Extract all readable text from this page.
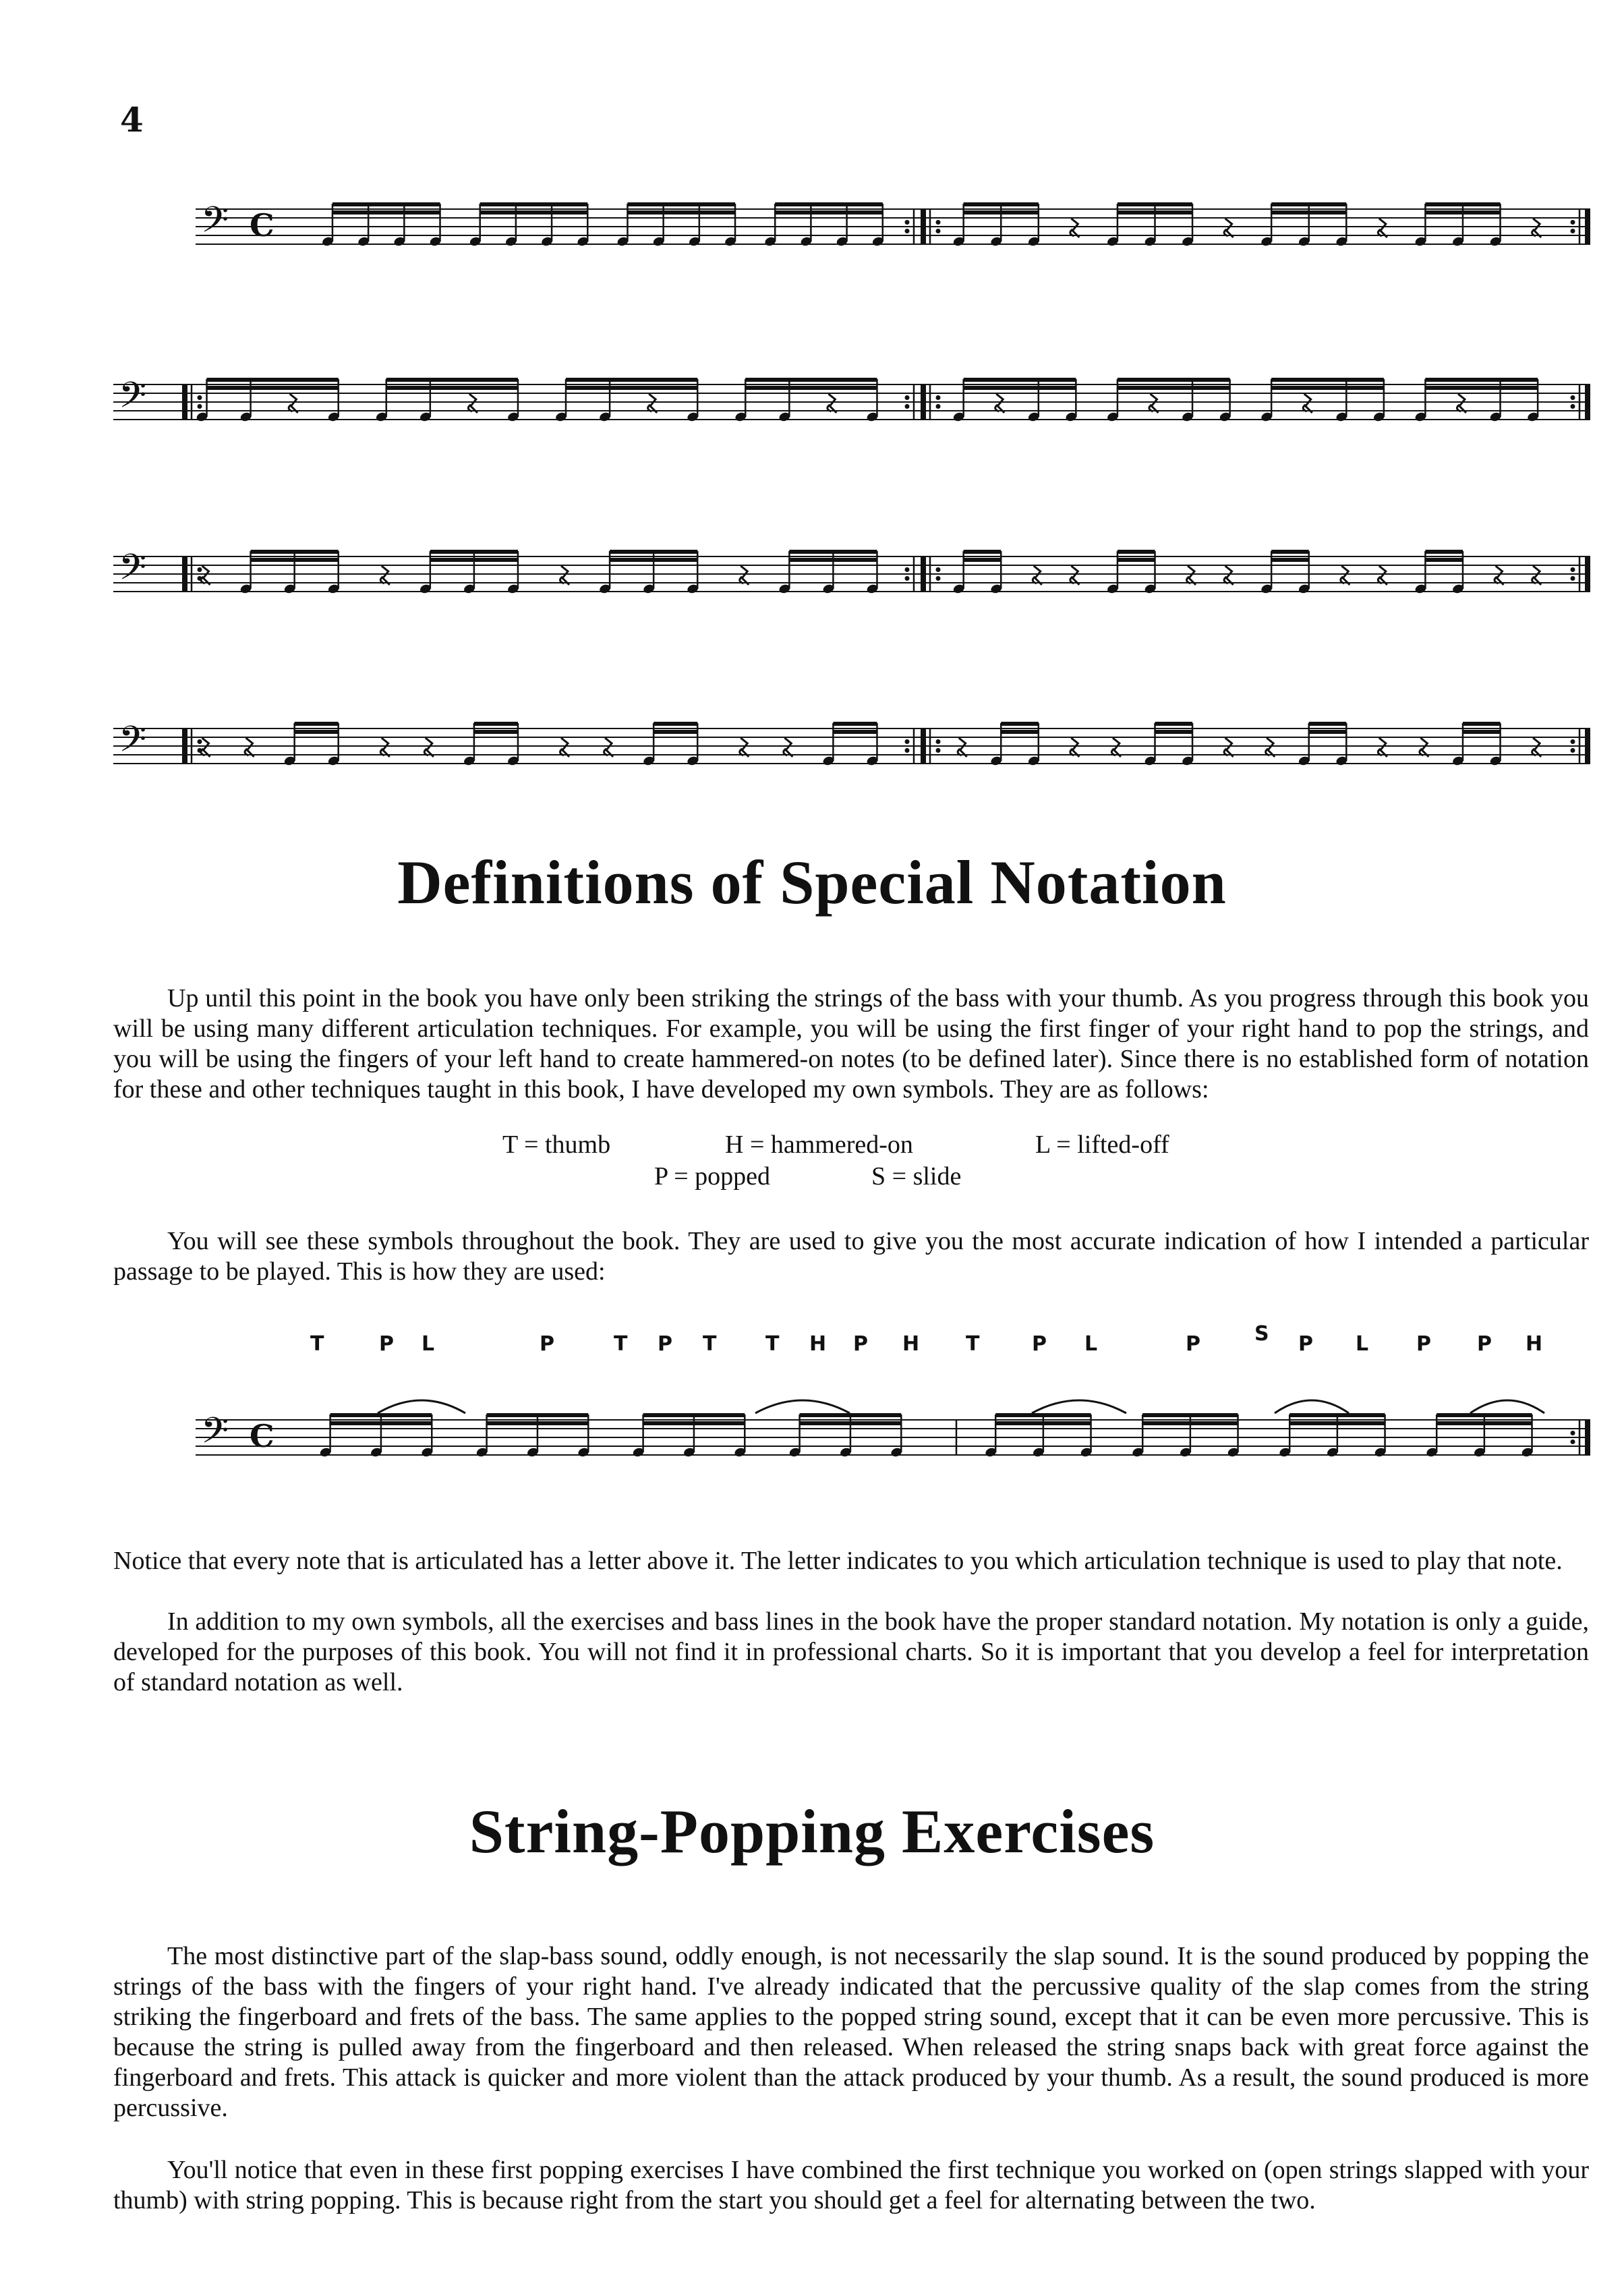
4
𝄢 C
𝄢
𝄢
𝄢
Definitions of Special Notation

Up until this point in the book you have only been striking the strings of the bass with your thumb. As you progress through this book you will be using many different articulation techniques. For example, you will be using the first finger of your right hand to pop the strings, and you will be using the fingers of your left hand to create hammered-on notes (to be defined later). Since there is no established form of notation for these and other techniques taught in this book, I have developed my own symbols. They are as follows:

T = thumb	H = hammered-on	L = lifted-off
P = popped	S = slide

You will see these symbols throughout the book. They are used to give you the most accurate indication of how I intended a particular passage to be played. This is how they are used:

T	P L	P	T P T T H P H T	P L	P	S P L P P H
𝄢 C

Notice that every note that is articulated has a letter above it. The letter indicates to you which articulation technique is used to play that note.

In addition to my own symbols, all the exercises and bass lines in the book have the proper standard notation. My notation is only a guide, developed for the purposes of this book. You will not find it in professional charts. So it is important that you develop a feel for interpretation of standard notation as well.

String-Popping Exercises

The most distinctive part of the slap-bass sound, oddly enough, is not necessarily the slap sound. It is the sound produced by popping the strings of the bass with the fingers of your right hand. I've already indicated that the percussive quality of the slap comes from the string striking the fingerboard and frets of the bass. The same applies to the popped string sound, except that it can be even more percussive. This is because the string is pulled away from the fingerboard and then released. When released the string snaps back with great force against the fingerboard and frets. This attack is quicker and more violent than the attack produced by your thumb. As a result, the sound produced is more percussive.

You'll notice that even in these first popping exercises I have combined the first technique you worked on (open strings slapped with your thumb) with string popping. This is because right from the start you should get a feel for alternating between the two.
